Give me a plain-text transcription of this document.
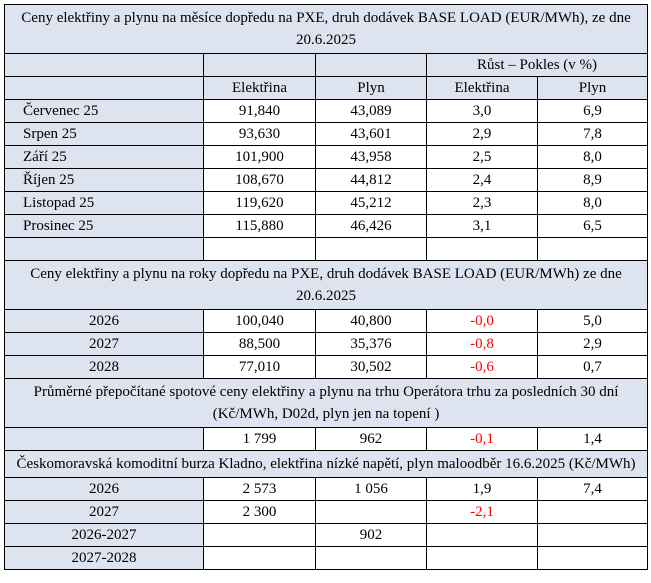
Ceny elektřiny a plynu na měsíce dopředu na PXE, druh dodávek BASE LOAD (EUR/MWh), ze dne 20.6.2025				
			Růst – Pokles (v %)	
	Elektřina	Plyn	Elektřina	Plyn
Červenec 25	91,840	43,089	3,0	6,9
Srpen 25	93,630	43,601	2,9	7,8
Září 25	101,900	43,958	2,5	8,0
Říjen 25	108,670	44,812	2,4	8,9
Listopad 25	119,620	45,212	2,3	8,0
Prosinec 25	115,880	46,426	3,1	6,5

Ceny elektřiny a plynu na roky dopředu na PXE, druh dodávek BASE LOAD (EUR/MWh) ze dne 20.6.2025				
2026	100,040	40,800	-0,0	5,0
2027	88,500	35,376	-0,8	2,9
2028	77,010	30,502	-0,6	0,7
Průměrné přepočítané spotové ceny elektřiny a plynu na trhu Operátora trhu za posledních 30 dní (Kč/MWh, D02d, plyn jen na topení )				
	1 799	962	-0,1	1,4
Českomoravská komoditní burza Kladno, elektřina nízké napětí, plyn maloodběr 16.6.2025 (Kč/MWh)				
2026	2 573	1 056	1,9	7,4
2027	2 300		-2,1	
2026-2027		902		
2027-2028				
